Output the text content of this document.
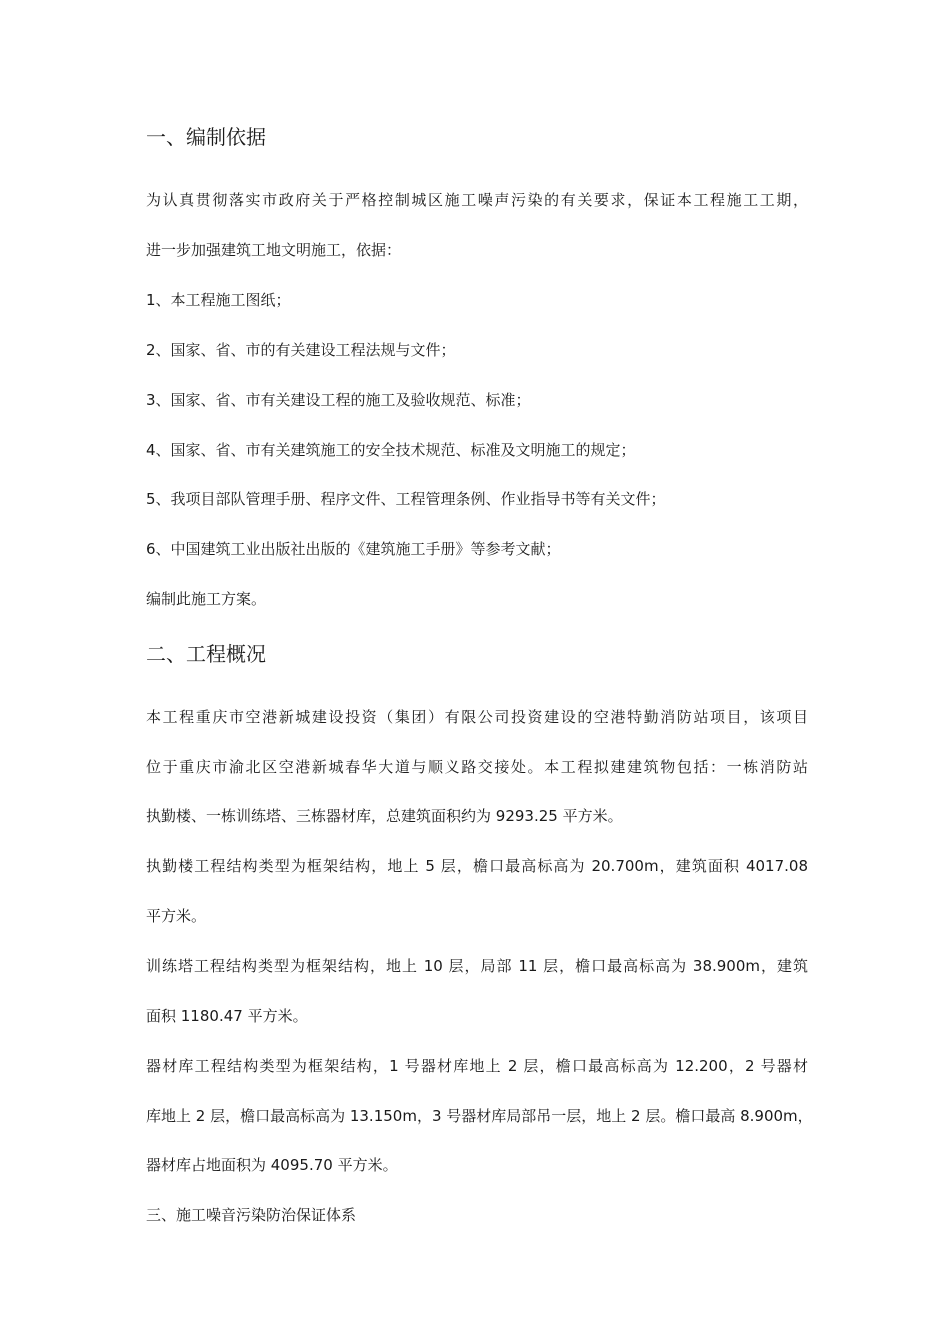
一、编制依据
为认真贯彻落实市政府关于严格控制城区施工噪声污染的有关要求，保证本工程施工工期，
进一步加强建筑工地文明施工，依据：
1、本工程施工图纸；
2、国家、省、市的有关建设工程法规与文件；
3、国家、省、市有关建设工程的施工及验收规范、标准；
4、国家、省、市有关建筑施工的安全技术规范、标准及文明施工的规定；
5、我项目部队管理手册、程序文件、工程管理条例、作业指导书等有关文件；
6、中国建筑工业出版社出版的《建筑施工手册》等参考文献；
编制此施工方案。
二、工程概况
本工程重庆市空港新城建设投资（集团）有限公司投资建设的空港特勤消防站项目，该项目
位于重庆市渝北区空港新城春华大道与顺义路交接处。本工程拟建建筑物包括：一栋消防站
执勤楼、一栋训练塔、三栋器材库，总建筑面积约为 9293.25 平方米。
执勤楼工程结构类型为框架结构，地上 5 层，檐口最高标高为 20.700m，建筑面积 4017.08
平方米。
训练塔工程结构类型为框架结构，地上 10 层，局部 11 层，檐口最高标高为 38.900m，建筑
面积 1180.47 平方米。
器材库工程结构类型为框架结构，1 号器材库地上 2 层，檐口最高标高为 12.200，2 号器材
库地上 2 层，檐口最高标高为 13.150m，3 号器材库局部吊一层，地上 2 层。檐口最高 8.900m，
器材库占地面积为 4095.70 平方米。
三、施工噪音污染防治保证体系
